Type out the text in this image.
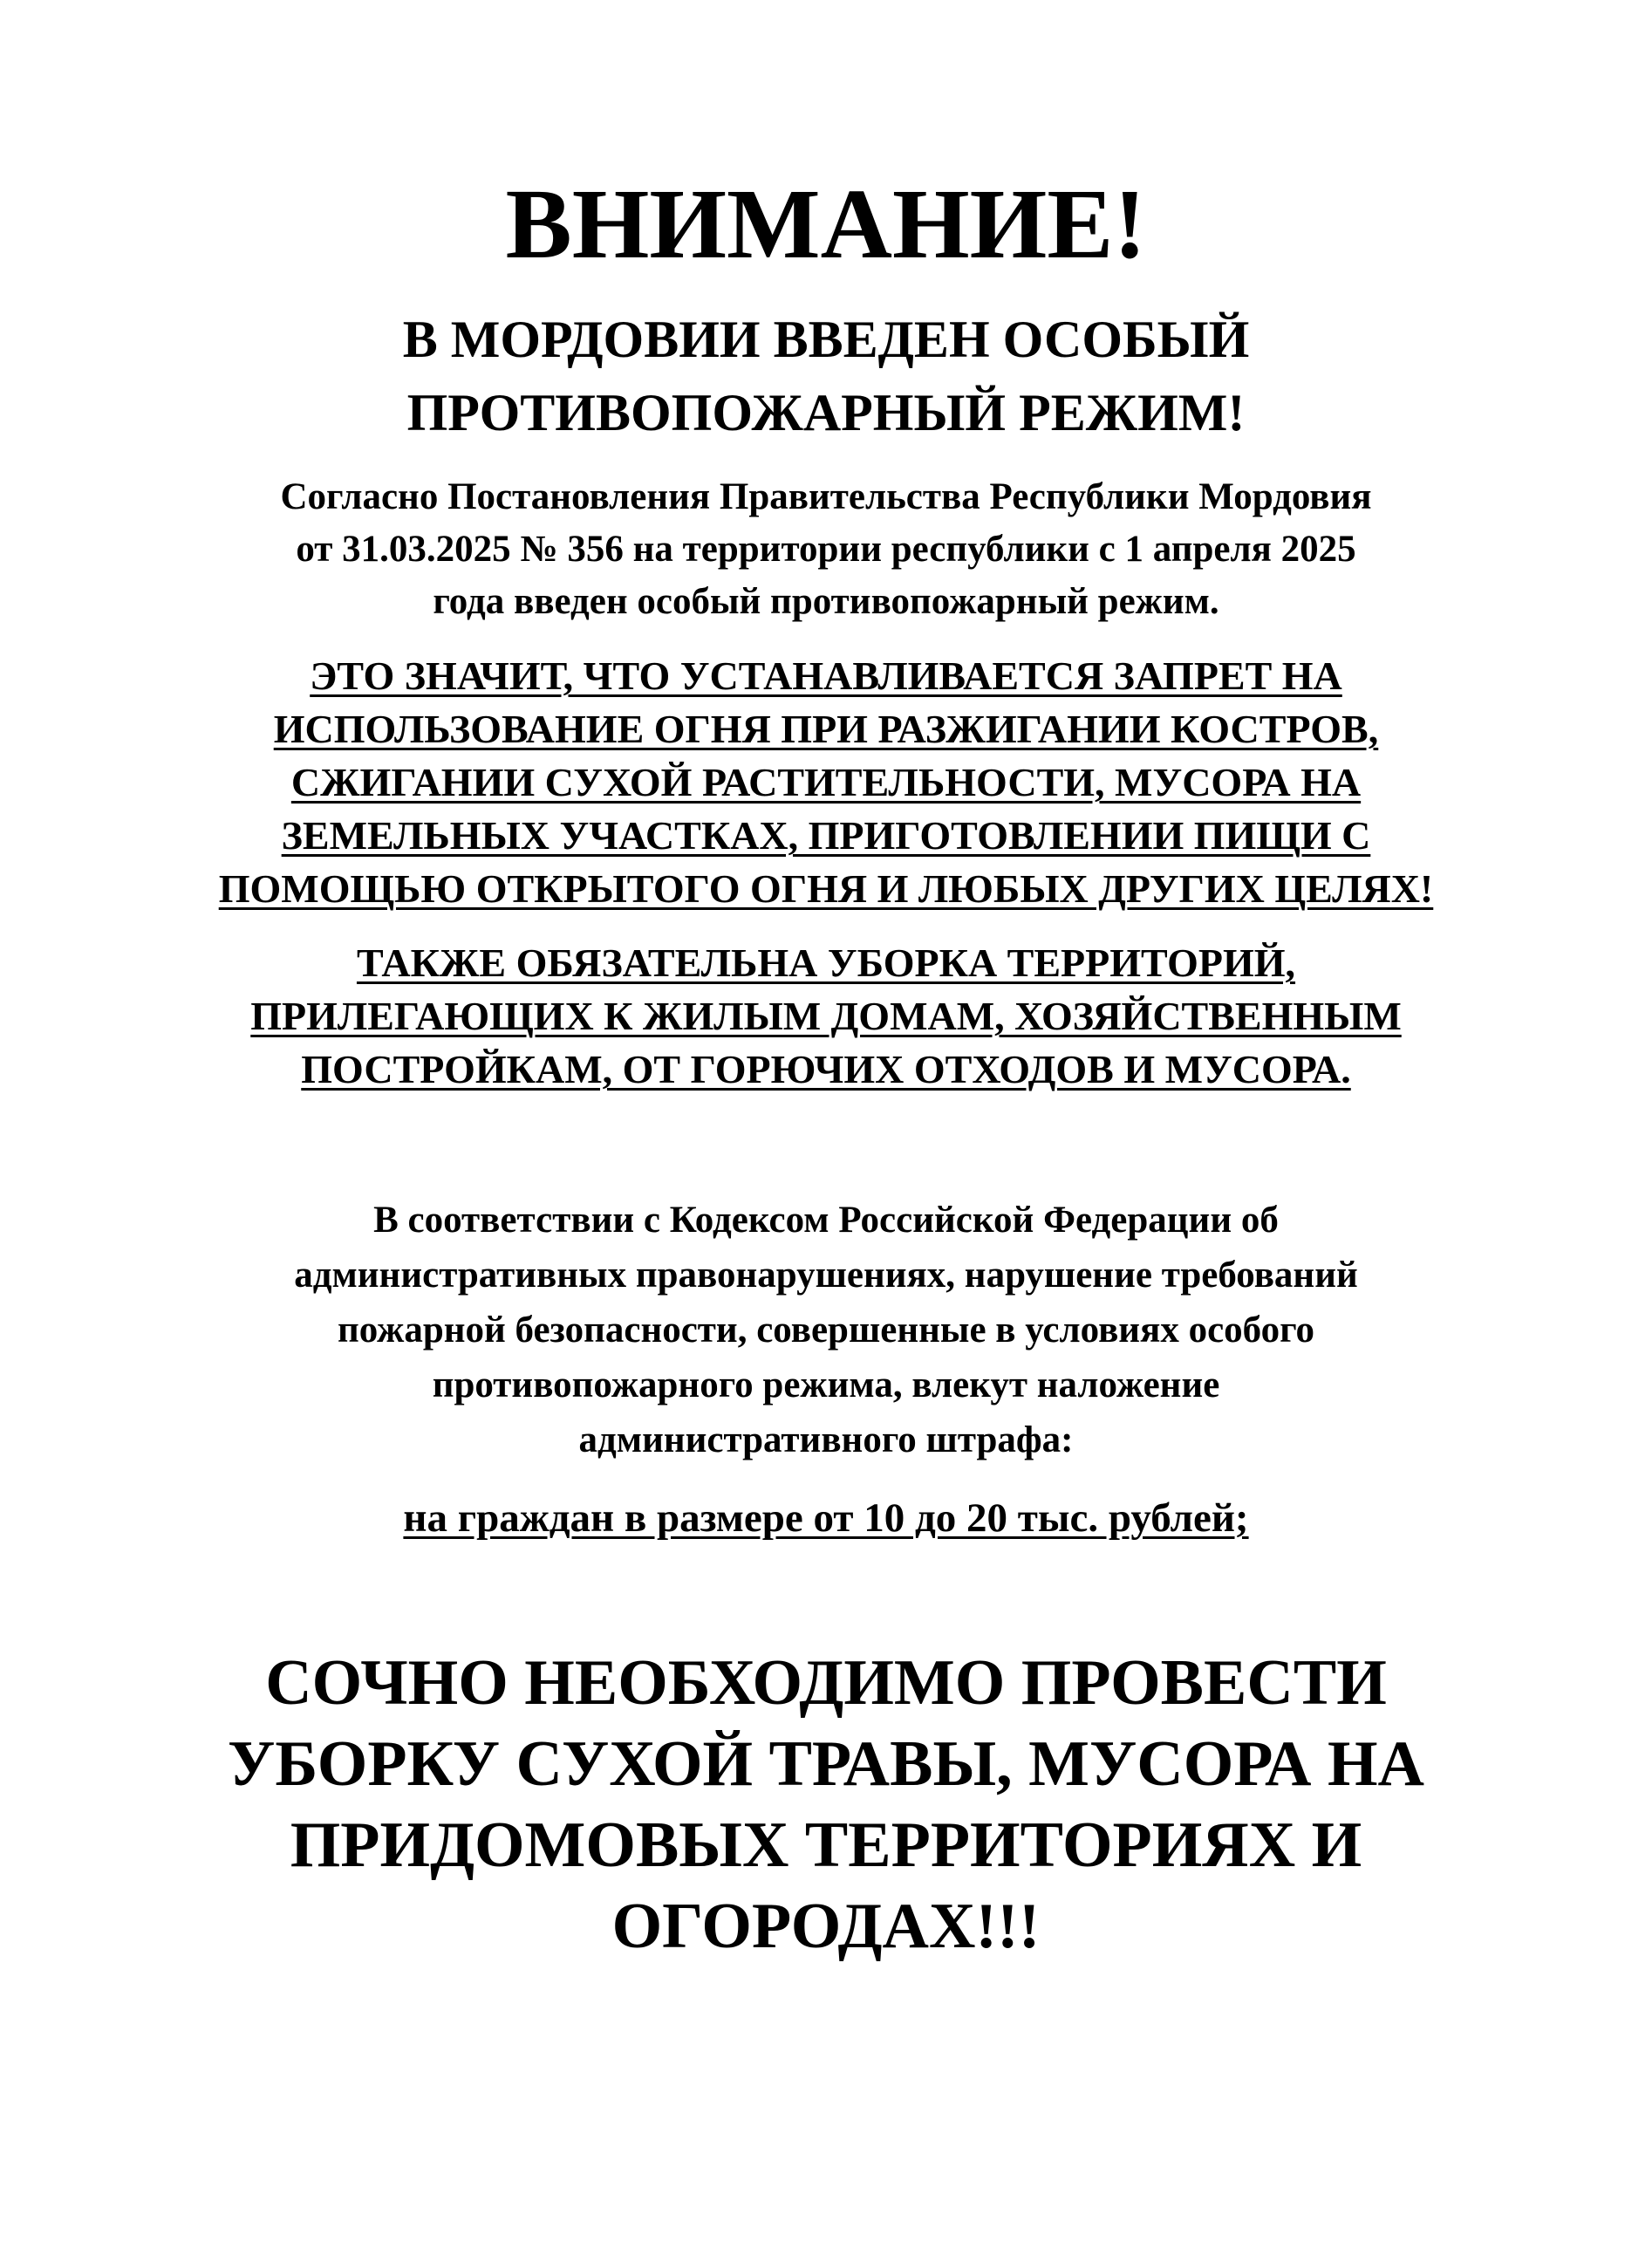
ВНИМАНИЕ!
В МОРДОВИИ ВВЕДЕН ОСОБЫЙ
ПРОТИВОПОЖАРНЫЙ РЕЖИМ!
Согласно Постановления Правительства Республики Мордовия
от 31.03.2025 № 356 на территории республики с 1 апреля 2025
года введен особый противопожарный режим.
ЭТО ЗНАЧИТ, ЧТО УСТАНАВЛИВАЕТСЯ ЗАПРЕТ НА
ИСПОЛЬЗОВАНИЕ ОГНЯ ПРИ РАЗЖИГАНИИ КОСТРОВ,
СЖИГАНИИ СУХОЙ РАСТИТЕЛЬНОСТИ, МУСОРА НА
ЗЕМЕЛЬНЫХ УЧАСТКАХ, ПРИГОТОВЛЕНИИ ПИЩИ С
ПОМОЩЬЮ ОТКРЫТОГО ОГНЯ И ЛЮБЫХ ДРУГИХ ЦЕЛЯХ!
ТАКЖЕ ОБЯЗАТЕЛЬНА УБОРКА ТЕРРИТОРИЙ,
ПРИЛЕГАЮЩИХ К ЖИЛЫМ ДОМАМ, ХОЗЯЙСТВЕННЫМ
ПОСТРОЙКАМ, ОТ ГОРЮЧИХ ОТХОДОВ И МУСОРА.
В соответствии с Кодексом Российской Федерации об
административных правонарушениях, нарушение требований
пожарной безопасности, совершенные в условиях особого
противопожарного режима, влекут наложение
административного штрафа:
на граждан в размере от 10 до 20 тыс. рублей;
СОЧНО НЕОБХОДИМО ПРОВЕСТИ
УБОРКУ СУХОЙ ТРАВЫ, МУСОРА НА
ПРИДОМОВЫХ ТЕРРИТОРИЯХ И
ОГОРОДАХ!!!
